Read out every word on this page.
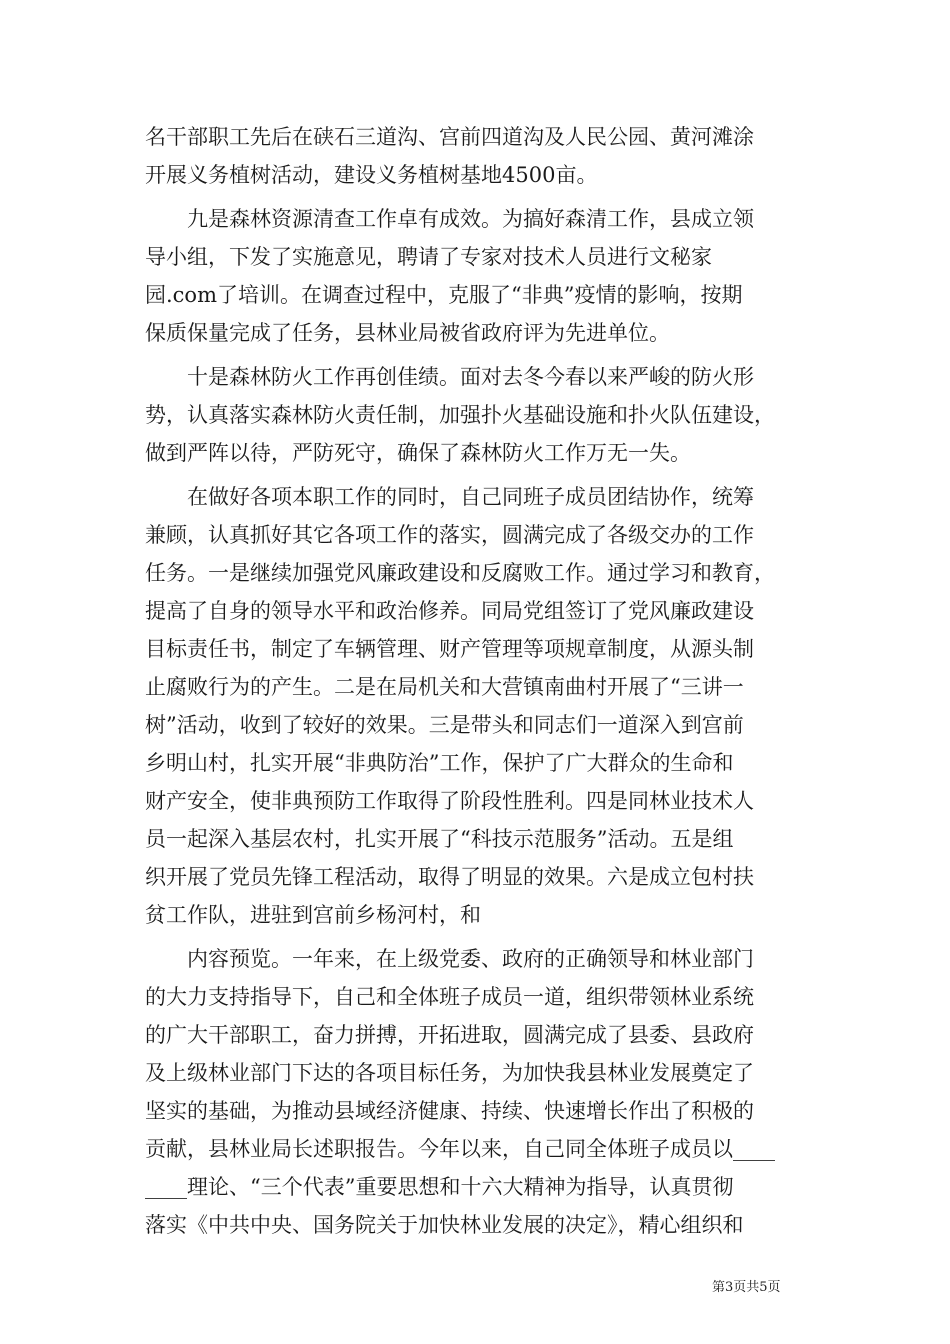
名干部职工先后在硖石三道沟、宫前四道沟及人民公园、黄河滩涂
开展义务植树活动，建设义务植树基地4500亩。
九是森林资源清查工作卓有成效。为搞好森清工作，县成立领
导小组，下发了实施意见，聘请了专家对技术人员进行文秘家
园.com了培训。在调查过程中，克服了“非典”疫情的影响，按期
保质保量完成了任务，县林业局被省政府评为先进单位。
十是森林防火工作再创佳绩。面对去冬今春以来严峻的防火形
势，认真落实森林防火责任制，加强扑火基础设施和扑火队伍建设，
做到严阵以待，严防死守，确保了森林防火工作万无一失。
在做好各项本职工作的同时，自己同班子成员团结协作，统筹
兼顾，认真抓好其它各项工作的落实，圆满完成了各级交办的工作
任务。一是继续加强党风廉政建设和反腐败工作。通过学习和教育，
提高了自身的领导水平和政治修养。同局党组签订了党风廉政建设
目标责任书，制定了车辆管理、财产管理等项规章制度，从源头制
止腐败行为的产生。二是在局机关和大营镇南曲村开展了“三讲一
树”活动，收到了较好的效果。三是带头和同志们一道深入到宫前
乡明山村，扎实开展“非典防治”工作，保护了广大群众的生命和
财产安全，使非典预防工作取得了阶段性胜利。四是同林业技术人
员一起深入基层农村，扎实开展了“科技示范服务”活动。五是组
织开展了党员先锋工程活动，取得了明显的效果。六是成立包村扶
贫工作队，进驻到宫前乡杨河村，和
内容预览。一年来，在上级党委、政府的正确领导和林业部门
的大力支持指导下，自己和全体班子成员一道，组织带领林业系统
的广大干部职工，奋力拼搏，开拓进取，圆满完成了县委、县政府
及上级林业部门下达的各项目标任务，为加快我县林业发展奠定了
坚实的基础，为推动县域经济健康、持续、快速增长作出了积极的
贡献，县林业局长述职报告。今年以来，自己同全体班子成员以____
____理论、“三个代表”重要思想和十六大精神为指导，认真贯彻
落实《中共中央、国务院关于加快林业发展的决定》，精心组织和
第3页共5页
